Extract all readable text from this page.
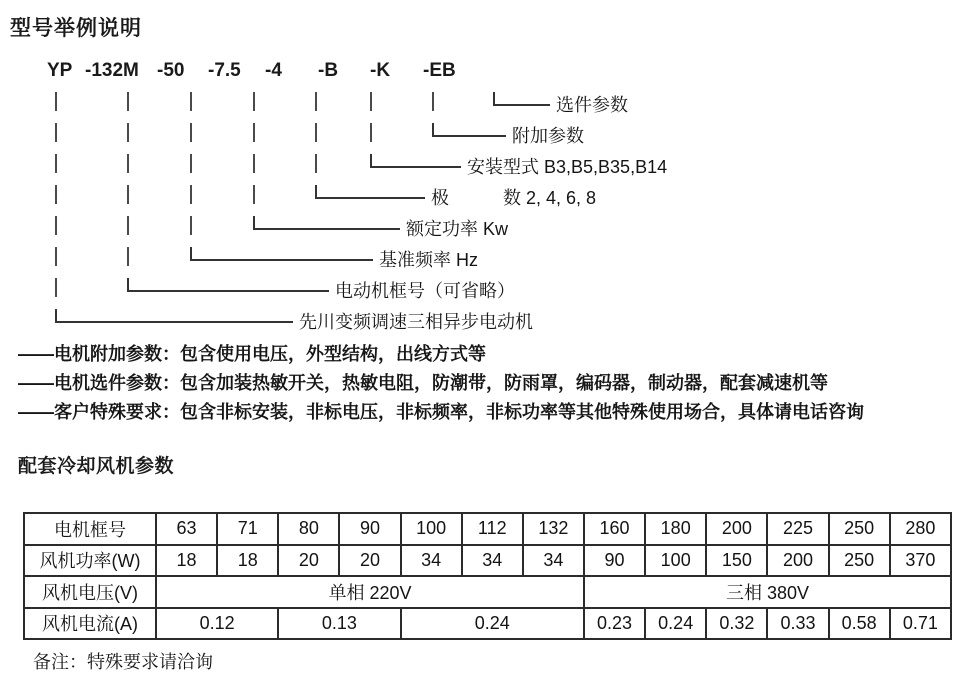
型号举例说明
YP -132M -50 -7.5 -4 -B -K -EB
选件参数
附加参数
安装型式 B3,B5,B35,B14
极　　　数 2, 4, 6, 8
额定功率 Kw
基准频率 Hz
电动机框号（可省略）
先川变频调速三相异步电动机
——电机附加参数：包含使用电压，外型结构，出线方式等
——电机选件参数：包含加装热敏开关，热敏电阻，防潮带，防雨罩，编码器，制动器，配套减速机等
——客户特殊要求：包含非标安装，非标电压，非标频率，非标功率等其他特殊使用场合，具体请电话咨询
配套冷却风机参数
电机框号	63	71	80	90	100	112	132	160	180	200	225	250	280
风机功率(W)	18	18	20	20	34	34	34	90	100	150	200	250	370
风机电压(V)	单相 220V							三相 380V					
风机电流(A)	0.12		0.13		0.24			0.23	0.24	0.32	0.33	0.58	0.71
备注：特殊要求请洽询
